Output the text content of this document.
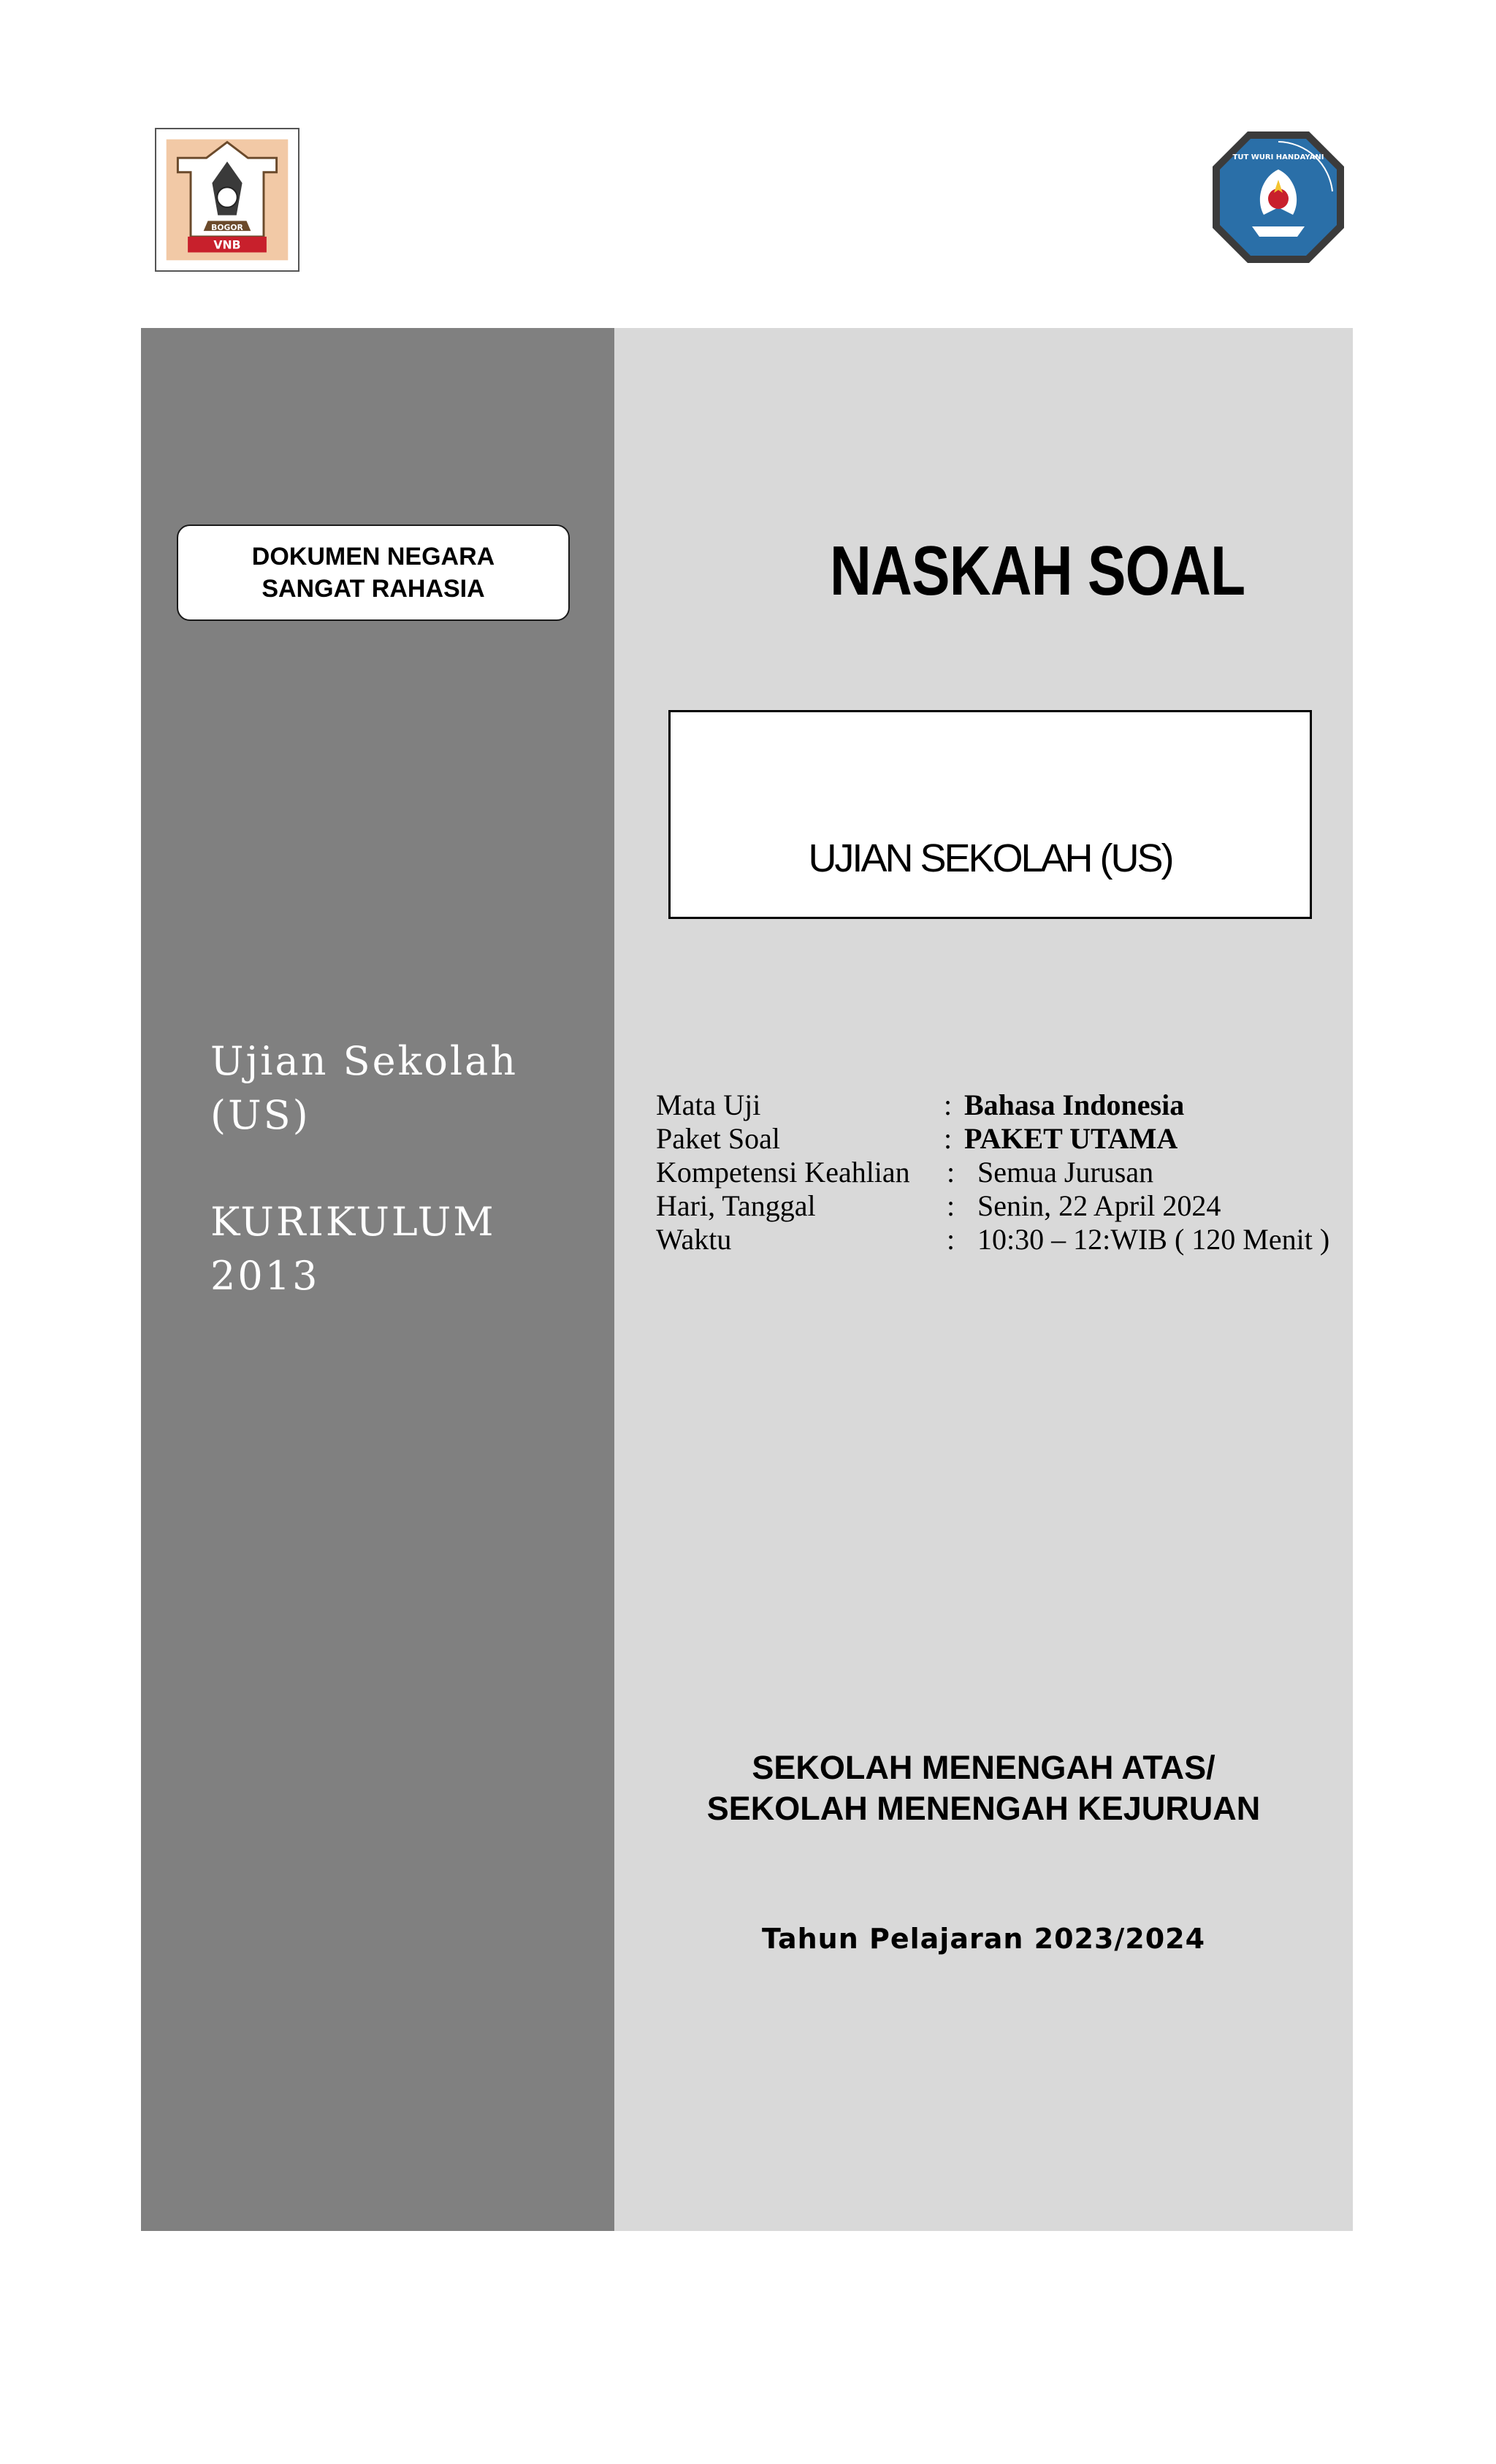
BOGOR
VNB
TUT WURI HANDAYANI
DOKUMEN NEGARA
SANGAT RAHASIA
Ujian Sekolah
(US)
KURIKULUM
2013
NASKAH SOAL
UJIAN SEKOLAH (US)
Mata Uji	: Bahasa Indonesia
Paket Soal	: PAKET UTAMA
Kompetensi Keahlian : Semua Jurusan
Hari, Tanggal	: Senin, 22 April 2024
Waktu	: 10:30 – 12:WIB ( 120 Menit )
SEKOLAH MENENGAH ATAS/
SEKOLAH MENENGAH KEJURUAN
Tahun Pelajaran 2023/2024
